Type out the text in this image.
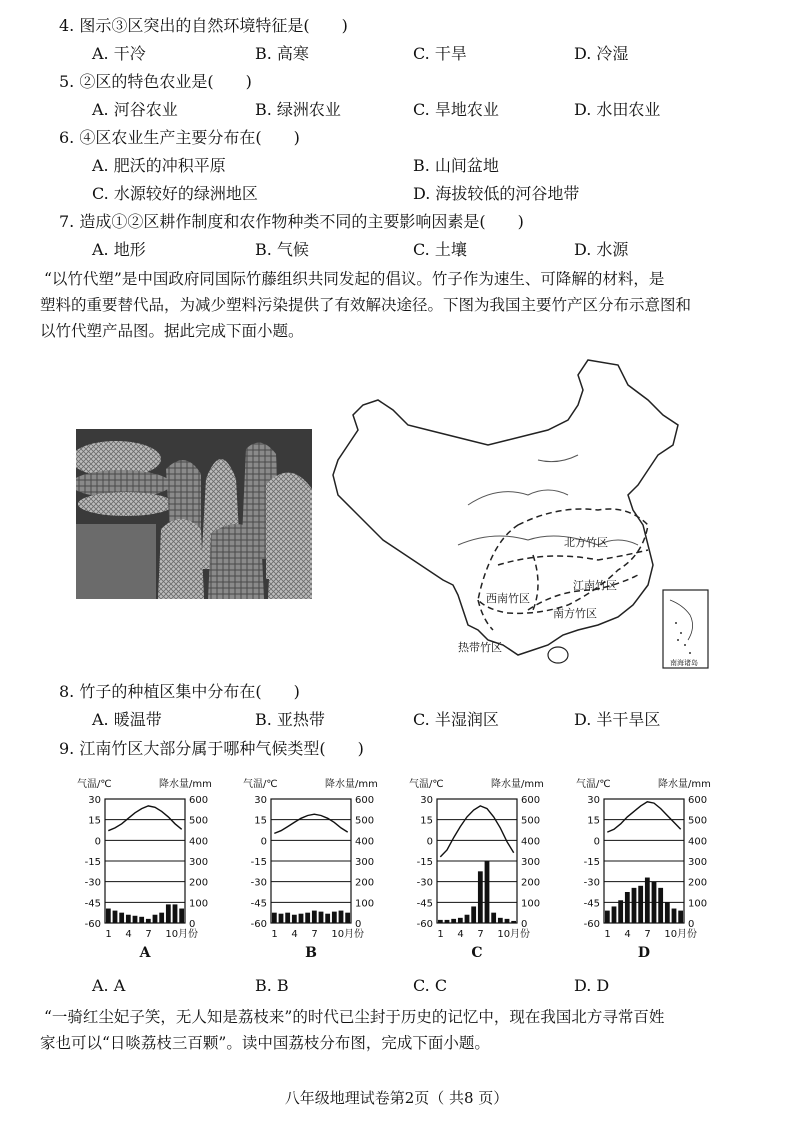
4. 图示③区突出的自然环境特征是(　　)
A. 干冷	B. 高寒	C. 干旱	D. 冷湿
5. ②区的特色农业是(　　)
A. 河谷农业	B. 绿洲农业	C. 旱地农业	D. 水田农业
6. ④区农业生产主要分布在(　　)
A. 肥沃的冲积平原	B. 山间盆地
C. 水源较好的绿洲地区	D. 海拔较低的河谷地带
7. 造成①②区耕作制度和农作物种类不同的主要影响因素是(　　)
A. 地形	B. 气候	C. 土壤	D. 水源
“以竹代塑”是中国政府同国际竹藤组织共同发起的倡议。竹子作为速生、可降解的材料，是
塑料的重要替代品，为减少塑料污染提供了有效解决途径。下图为我国主要竹产区分布示意图和
以竹代塑产品图。据此完成下面小题。
南海诸岛
北方竹区
江南竹区
西南竹区
南方竹区
热带竹区
8. 竹子的种植区集中分布在(　　)
A. 暖温带	B. 亚热带	C. 半湿润区	D. 半干旱区
9. 江南竹区大部分属于哪种气候类型(　　)
气温/℃	降水量/mm
30	600
15	500
0	400
-15	300
-30	200
-45	100
-60	0
1 4 7 10月份
A
气温/℃	降水量/mm
30	600
15	500
0	400
-15	300
-30	200
-45	100
-60	0
1 4 7 10月份
B
气温/℃	降水量/mm
30	600
15	500
0	400
-15	300
-30	200
-45	100
-60	0
1 4 7 10月份
C
气温/℃	降水量/mm
30	600
15	500
0	400
-15	300
-30	200
-45	100
-60	0
1 4 7 10月份
D
A. A	B. B	C. C	D. D
“一骑红尘妃子笑，无人知是荔枝来”的时代已尘封于历史的记忆中，现在我国北方寻常百姓
家也可以“日啖荔枝三百颗”。读中国荔枝分布图，完成下面小题。
八年级地理试卷第2页（ 共8 页）
